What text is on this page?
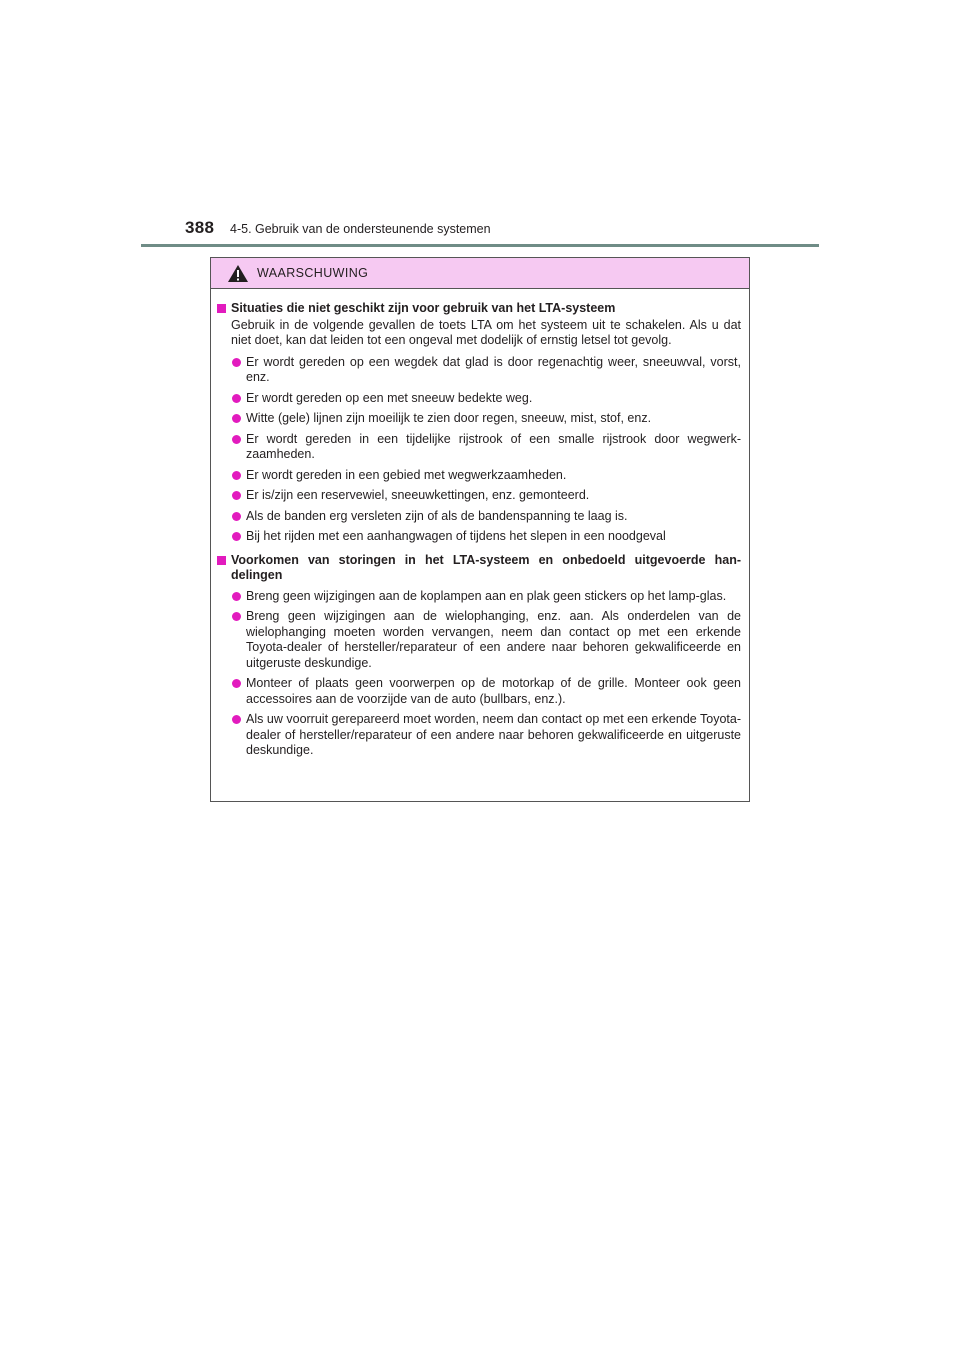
388 4-5. Gebruik van de ondersteunende systemen
WAARSCHUWING
Situaties die niet geschikt zijn voor gebruik van het LTA-systeem
Gebruik in de volgende gevallen de toets LTA om het systeem uit te schakelen. Als u dat niet doet, kan dat leiden tot een ongeval met dodelijk of ernstig letsel tot gevolg.
Er wordt gereden op een wegdek dat glad is door regenachtig weer, sneeuwval, vorst, enz.
Er wordt gereden op een met sneeuw bedekte weg.
Witte (gele) lijnen zijn moeilijk te zien door regen, sneeuw, mist, stof, enz.
Er wordt gereden in een tijdelijke rijstrook of een smalle rijstrook door wegwerk-zaamheden.
Er wordt gereden in een gebied met wegwerkzaamheden.
Er is/zijn een reservewiel, sneeuwkettingen, enz. gemonteerd.
Als de banden erg versleten zijn of als de bandenspanning te laag is.
Bij het rijden met een aanhangwagen of tijdens het slepen in een noodgeval
Voorkomen van storingen in het LTA-systeem en onbedoeld uitgevoerde han-delingen
Breng geen wijzigingen aan de koplampen aan en plak geen stickers op het lamp-glas.
Breng geen wijzigingen aan de wielophanging, enz. aan. Als onderdelen van de wielophanging moeten worden vervangen, neem dan contact op met een erkende Toyota-dealer of hersteller/reparateur of een andere naar behoren gekwalificeerde en uitgeruste deskundige.
Monteer of plaats geen voorwerpen op de motorkap of de grille. Monteer ook geen accessoires aan de voorzijde van de auto (bullbars, enz.).
Als uw voorruit gerepareerd moet worden, neem dan contact op met een erkende Toyota-dealer of hersteller/reparateur of een andere naar behoren gekwalificeerde en uitgeruste deskundige.
